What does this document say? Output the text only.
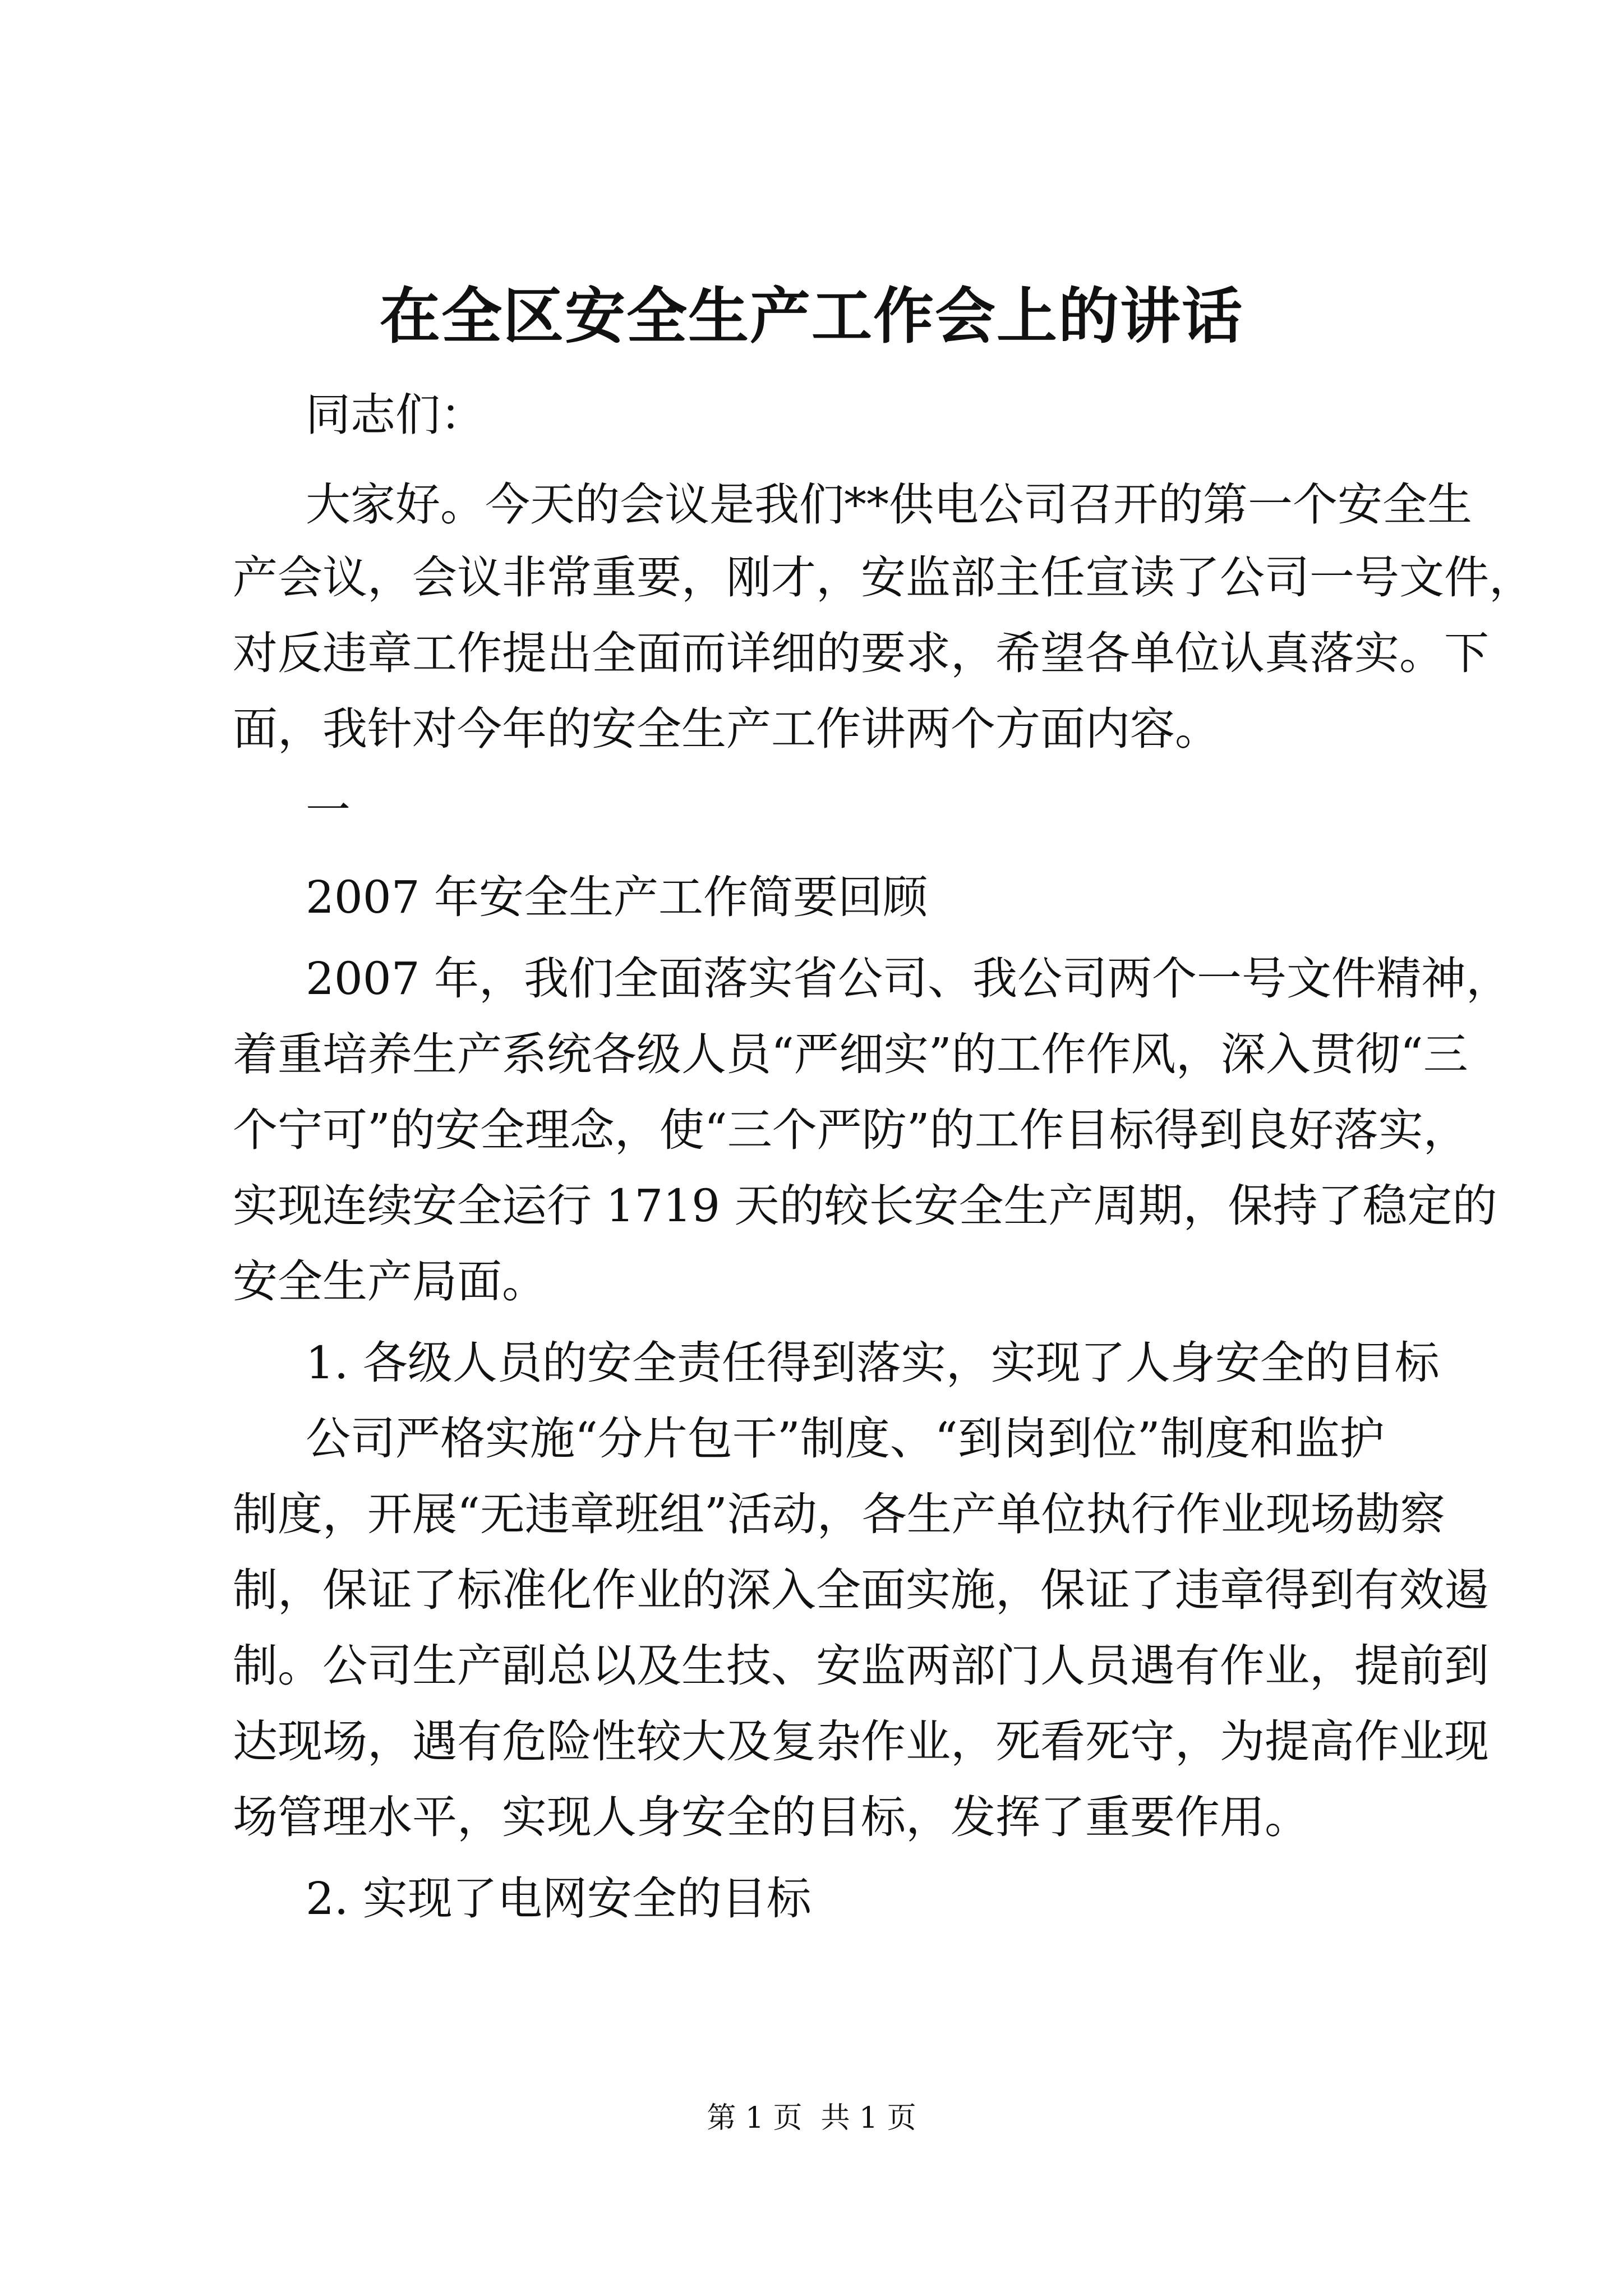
在全区安全生产工作会上的讲话
同志们：
大家好。今天的会议是我们**供电公司召开的第一个安全生
产会议，会议非常重要，刚才，安监部主任宣读了公司一号文件，
对反违章工作提出全面而详细的要求，希望各单位认真落实。下
面，我针对今年的安全生产工作讲两个方面内容。
一
2007 年安全生产工作简要回顾
2007 年，我们全面落实省公司、我公司两个一号文件精神，
着重培养生产系统各级人员“严细实”的工作作风，深入贯彻“三
个宁可”的安全理念，使“三个严防”的工作目标得到良好落实，
实现连续安全运行 1719 天的较长安全生产周期，保持了稳定的
安全生产局面。
1. 各级人员的安全责任得到落实，实现了人身安全的目标
公司严格实施“分片包干”制度、“到岗到位”制度和监护
制度，开展“无违章班组”活动，各生产单位执行作业现场勘察
制，保证了标准化作业的深入全面实施，保证了违章得到有效遏
制。公司生产副总以及生技、安监两部门人员遇有作业，提前到
达现场，遇有危险性较大及复杂作业，死看死守，为提高作业现
场管理水平，实现人身安全的目标，发挥了重要作用。
2. 实现了电网安全的目标
第 1 页  共 1 页
